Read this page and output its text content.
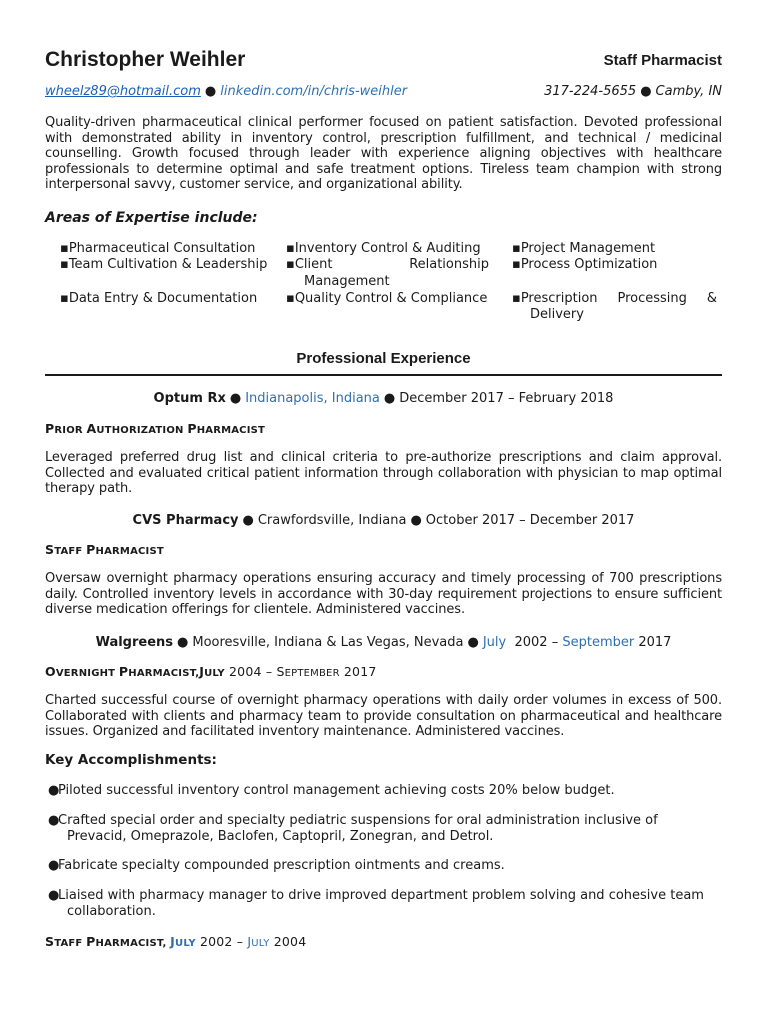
Christopher Weihler	Staff Pharmacist
wheelz89@hotmail.com ● linkedin.com/in/chris-weihler	317-224-5655 ● Camby, IN
Quality-driven pharmaceutical clinical performer focused on patient satisfaction. Devoted professional with demonstrated ability in inventory control, prescription fulfillment, and technical / medicinal counselling. Growth focused through leader with experience aligning objectives with healthcare professionals to determine optimal and safe treatment options. Tireless team champion with strong interpersonal savvy, customer service, and organizational ability.
Areas of Expertise include:
▪Pharmaceutical Consultation
▪Team Cultivation & Leadership
▪Data Entry & Documentation
▪Inventory Control & Auditing
▪Client	Relationship
Management
▪Quality Control & Compliance
▪Project Management
▪Process Optimization
▪Prescription Processing &
Delivery
Professional Experience
Optum Rx ● Indianapolis, Indiana ● December 2017 – February 2018
PRIOR AUTHORIZATION PHARMACIST
Leveraged preferred drug list and clinical criteria to pre-authorize prescriptions and claim approval. Collected and evaluated critical patient information through collaboration with physician to map optimal therapy path.
CVS Pharmacy ● Crawfordsville, Indiana ● October 2017 – December 2017
STAFF PHARMACIST
Oversaw overnight pharmacy operations ensuring accuracy and timely processing of 700 prescriptions daily. Controlled inventory levels in accordance with 30-day requirement projections to ensure sufficient diverse medication offerings for clientele. Administered vaccines.
Walgreens ● Mooresville, Indiana & Las Vegas, Nevada ● July 2002 – September 2017
OVERNIGHT PHARMACIST,JULY 2004 – SEPTEMBER 2017
Charted successful course of overnight pharmacy operations with daily order volumes in excess of 500. Collaborated with clients and pharmacy team to provide consultation on pharmaceutical and healthcare issues. Organized and facilitated inventory maintenance. Administered vaccines.
Key Accomplishments:
●Piloted successful inventory control management achieving costs 20% below budget.
●Crafted special order and specialty pediatric suspensions for oral administration inclusive of
Prevacid, Omeprazole, Baclofen, Captopril, Zonegran, and Detrol.
●Fabricate specialty compounded prescription ointments and creams.
●Liaised with pharmacy manager to drive improved department problem solving and cohesive team
collaboration.
STAFF PHARMACIST, JULY 2002 – JULY 2004
